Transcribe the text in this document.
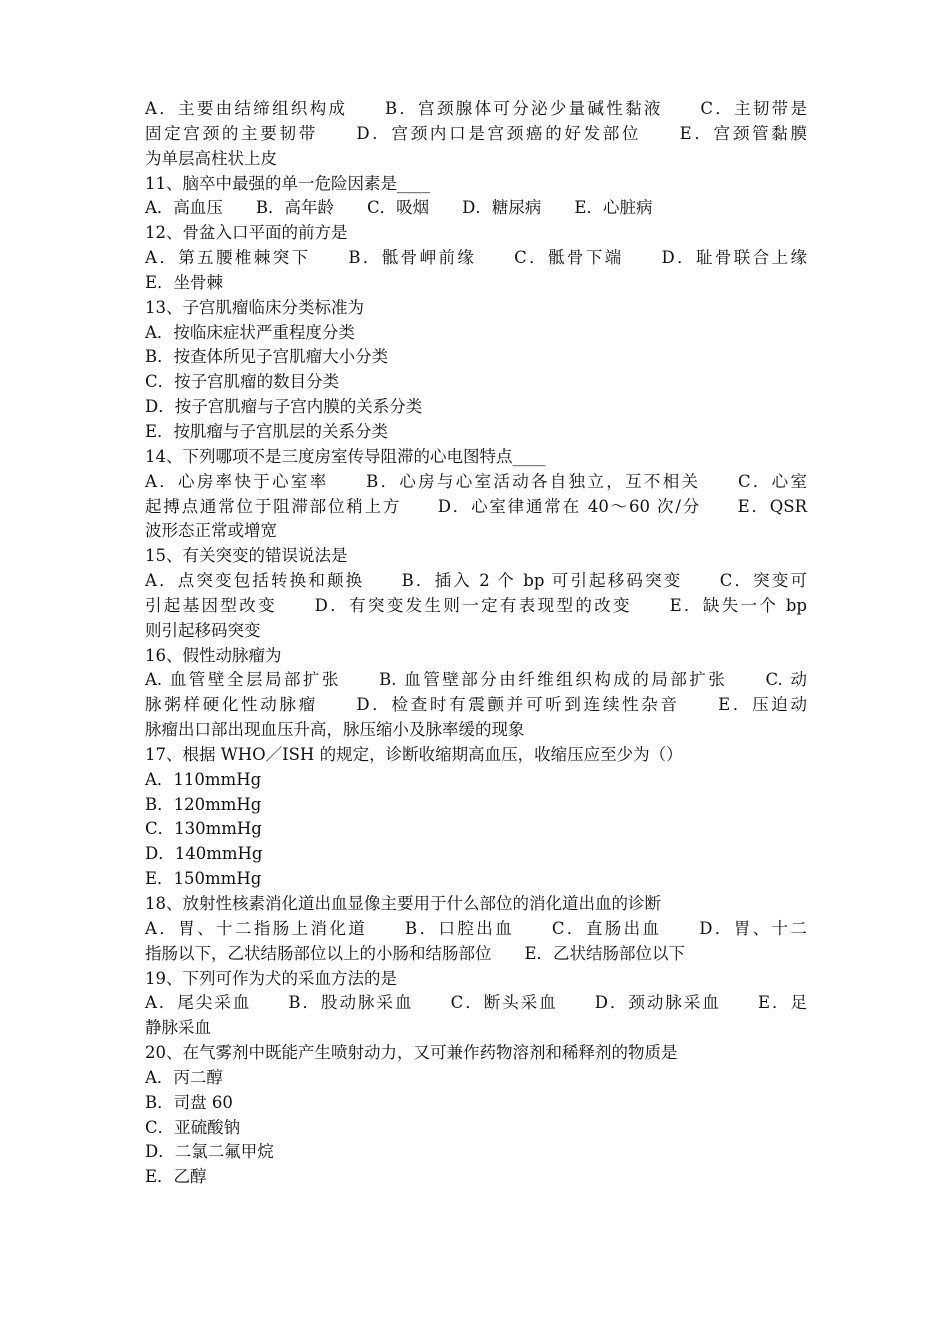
A．主要由结缔组织构成　　B．宫颈腺体可分泌少量碱性黏液　　C．主韧带是
固定宫颈的主要韧带　　D．宫颈内口是宫颈癌的好发部位　　E．宫颈管黏膜
为单层高柱状上皮
11、脑卒中最强的单一危险因素是____
A．高血压　　B．高年龄　　C．吸烟　　D．糖尿病　　E．心脏病
12、骨盆入口平面的前方是
A．第五腰椎棘突下　　B．骶骨岬前缘　　C．骶骨下端　　D．耻骨联合上缘
E．坐骨棘
13、子宫肌瘤临床分类标准为
A．按临床症状严重程度分类
B．按查体所见子宫肌瘤大小分类
C．按子宫肌瘤的数目分类
D．按子宫肌瘤与子宫内膜的关系分类
E．按肌瘤与子宫肌层的关系分类
14、下列哪项不是三度房室传导阻滞的心电图特点____
A．心房率快于心室率　　B．心房与心室活动各自独立，互不相关　　C．心室
起搏点通常位于阻滞部位稍上方　　D．心室律通常在 40～60 次/分　　E．QSR
波形态正常或增宽
15、有关突变的错误说法是
A．点突变包括转换和颠换　　B．插入 2 个 bp 可引起移码突变　　C．突变可
引起基因型改变　　D．有突变发生则一定有表现型的改变　　E．缺失一个 bp
则引起移码突变
16、假性动脉瘤为
A. 血管壁全层局部扩张　　B. 血管壁部分由纤维组织构成的局部扩张　　C. 动
脉粥样硬化性动脉瘤　　D．检查时有震颤并可听到连续性杂音　　E．压迫动
脉瘤出口部出现血压升高，脉压缩小及脉率缓的现象
17、根据 WHO／ISH 的规定，诊断收缩期高血压，收缩压应至少为（）
A．110mmHg
B．120mmHg
C．130mmHg
D．140mmHg
E．150mmHg
18、放射性核素消化道出血显像主要用于什么部位的消化道出血的诊断
A．胃、十二指肠上消化道　　B．口腔出血　　C．直肠出血　　D．胃、十二
指肠以下，乙状结肠部位以上的小肠和结肠部位　　E．乙状结肠部位以下
19、下列可作为犬的采血方法的是
A．尾尖采血　　B．股动脉采血　　C．断头采血　　D．颈动脉采血　　E．足
静脉采血
20、在气雾剂中既能产生喷射动力，又可兼作药物溶剂和稀释剂的物质是
A．丙二醇
B．司盘 60
C．亚硫酸钠
D．二氯二氟甲烷
E．乙醇
